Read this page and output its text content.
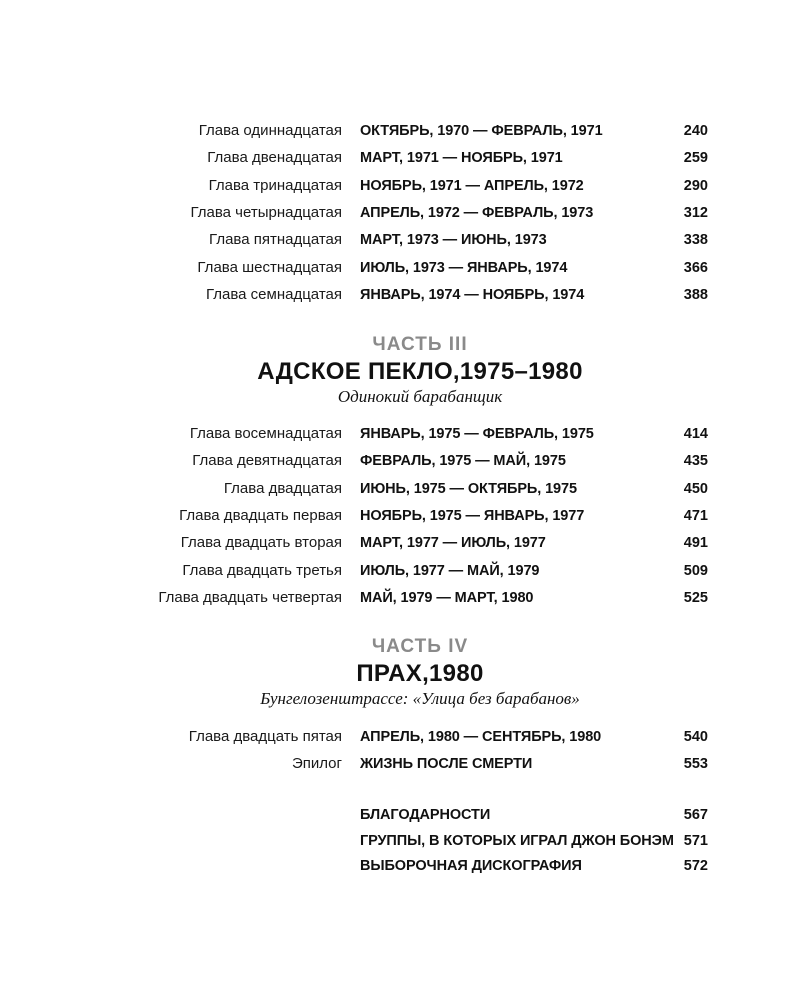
Глава одиннадцатая ОКТЯБРЬ, 1970 — ФЕВРАЛЬ, 1971	240
Глава двенадцатая МАРТ, 1971 — НОЯБРЬ, 1971	259
Глава тринадцатая НОЯБРЬ, 1971 — АПРЕЛЬ, 1972	290
Глава четырнадцатая АПРЕЛЬ, 1972 — ФЕВРАЛЬ, 1973	312
Глава пятнадцатая МАРТ, 1973 — ИЮНЬ, 1973	338
Глава шестнадцатая ИЮЛЬ, 1973 — ЯНВАРЬ, 1974	366
Глава семнадцатая ЯНВАРЬ, 1974 — НОЯБРЬ, 1974	388
ЧАСТЬ III
АДСКОЕ ПЕКЛО,1975–1980
Одинокий барабанщик
Глава восемнадцатая ЯНВАРЬ, 1975 — ФЕВРАЛЬ, 1975	414
Глава девятнадцатая ФЕВРАЛЬ, 1975 — МАЙ, 1975	435
Глава двадцатая ИЮНЬ, 1975 — ОКТЯБРЬ, 1975	450
Глава двадцать первая НОЯБРЬ, 1975 — ЯНВАРЬ, 1977	471
Глава двадцать вторая МАРТ, 1977 — ИЮЛЬ, 1977	491
Глава двадцать третья ИЮЛЬ, 1977 — МАЙ, 1979	509
Глава двадцать четвертая МАЙ, 1979 — МАРТ, 1980	525
ЧАСТЬ IV
ПРАХ,1980
Бунгелозенштрассе: «Улица без барабанов»
Глава двадцать пятая АПРЕЛЬ, 1980 — СЕНТЯБРЬ, 1980	540
Эпилог ЖИЗНЬ ПОСЛЕ СМЕРТИ	553
БЛАГОДАРНОСТИ	567
ГРУППЫ, В КОТОРЫХ ИГРАЛ ДЖОН БОНЭМ 571
ВЫБОРОЧНАЯ ДИСКОГРАФИЯ	572
